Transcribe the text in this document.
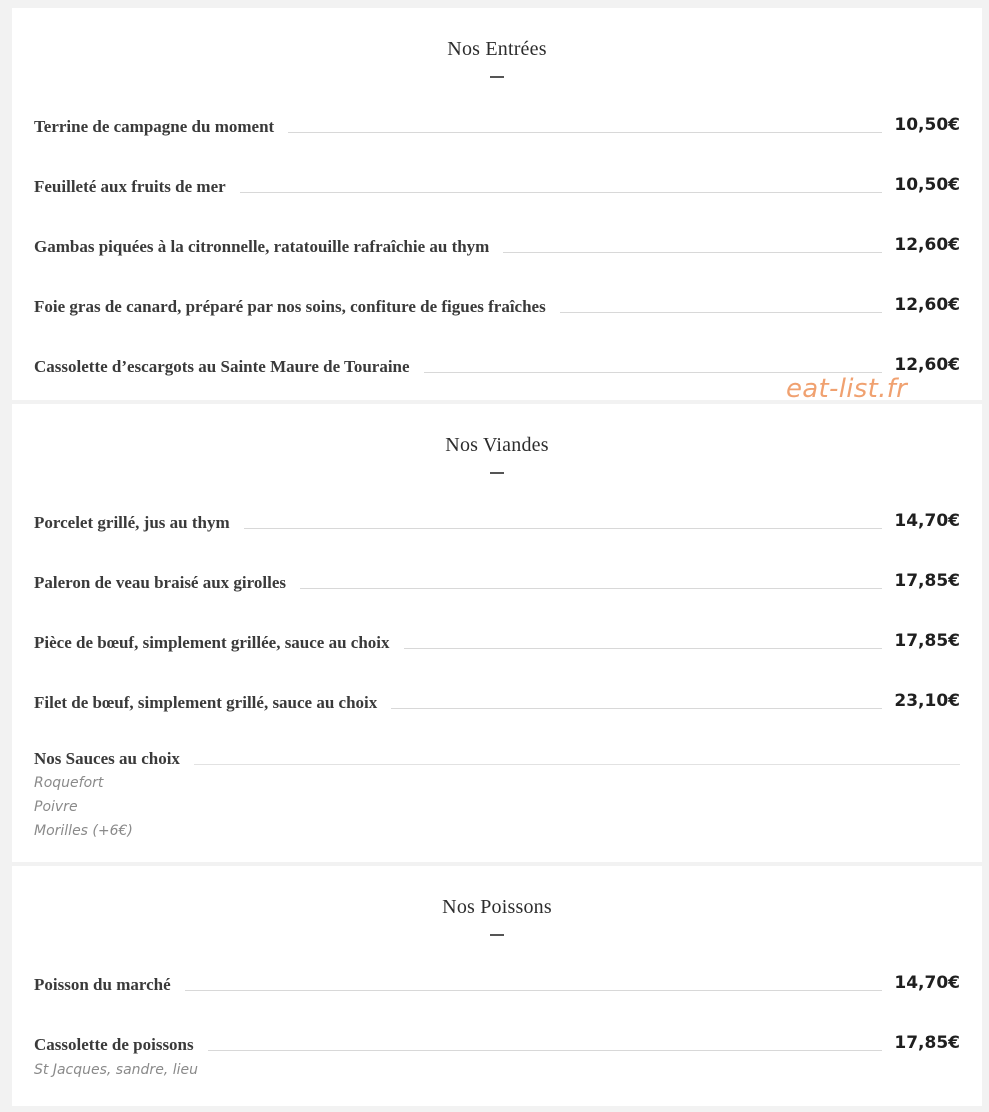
Nos Entrées
Terrine de campagne du moment	10,50€
Feuilleté aux fruits de mer	10,50€
Gambas piquées à la citronnelle, ratatouille rafraîchie au thym	12,60€
Foie gras de canard, préparé par nos soins, confiture de figues fraîches	12,60€
Cassolette d’escargots au Sainte Maure de Touraine	12,60€
Nos Viandes
Porcelet grillé, jus au thym	14,70€
Paleron de veau braisé aux girolles	17,85€
Pièce de bœuf, simplement grillée, sauce au choix	17,85€
Filet de bœuf, simplement grillé, sauce au choix	23,10€
Nos Sauces au choix
Roquefort
Poivre
Morilles (+6€)
Nos Poissons
Poisson du marché	14,70€
Cassolette de poissons	17,85€
St Jacques, sandre, lieu
eat-list.fr
